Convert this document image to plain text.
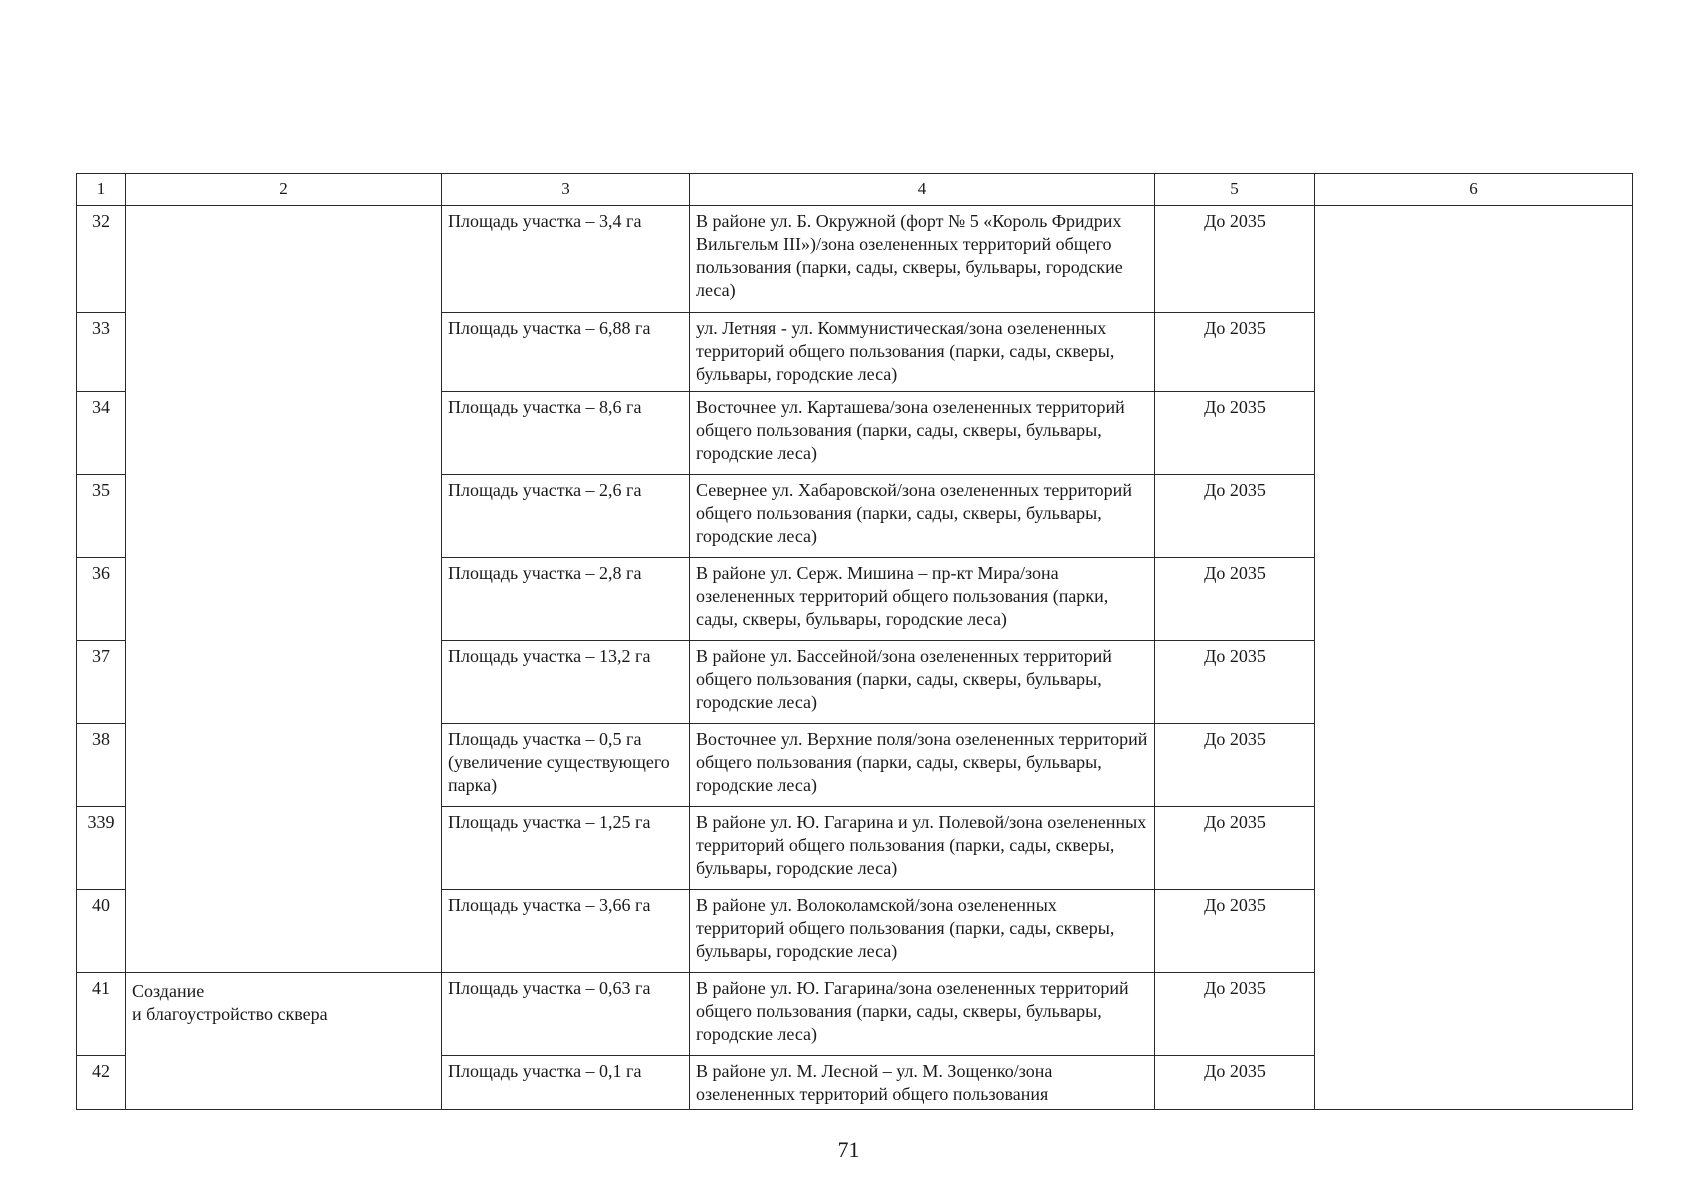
1	2	3	4	5	6
32		Площадь участка – 3,4 га	В районе ул. Б. Окружной (форт № 5 «Король Фридрих Вильгельм III»)/зона озелененных территорий общего пользования (парки, сады, скверы, бульвары, городские леса)	До 2035	
33		Площадь участка – 6,88 га	ул. Летняя - ул. Коммунистическая/зона озелененных территорий общего пользования (парки, сады, скверы, бульвары, городские леса)	До 2035	
34		Площадь участка – 8,6 га	Восточнее ул. Карташева/зона озелененных территорий общего пользования (парки, сады, скверы, бульвары, городские леса)	До 2035	
35		Площадь участка – 2,6 га	Севернее ул. Хабаровской/зона озелененных территорий общего пользования (парки, сады, скверы, бульвары, городские леса)	До 2035	
36		Площадь участка – 2,8 га	В районе ул. Серж. Мишина – пр-кт Мира/зона озелененных территорий общего пользования (парки, сады, скверы, бульвары, городские леса)	До 2035	
37		Площадь участка – 13,2 га	В районе ул. Бассейной/зона озелененных территорий общего пользования (парки, сады, скверы, бульвары, городские леса)	До 2035	
38		Площадь участка – 0,5 га (увеличение существующего парка)	Восточнее ул. Верхние поля/зона озелененных территорий общего пользования (парки, сады, скверы, бульвары, городские леса)	До 2035	
339		Площадь участка – 1,25 га	В районе ул. Ю. Гагарина и ул. Полевой/зона озелененных территорий общего пользования (парки, сады, скверы, бульвары, городские леса)	До 2035	
40		Площадь участка – 3,66 га	В районе ул. Волоколамской/зона озелененных территорий общего пользования (парки, сады, скверы, бульвары, городские леса)	До 2035	
41	Создание
и благоустройство сквера	Площадь участка – 0,63 га	В районе ул. Ю. Гагарина/зона озелененных территорий общего пользования (парки, сады, скверы, бульвары, городские леса)	До 2035	
42		Площадь участка – 0,1 га	В районе ул. М. Лесной – ул. М. Зощенко/зона озелененных территорий общего пользования	До 2035	
71
